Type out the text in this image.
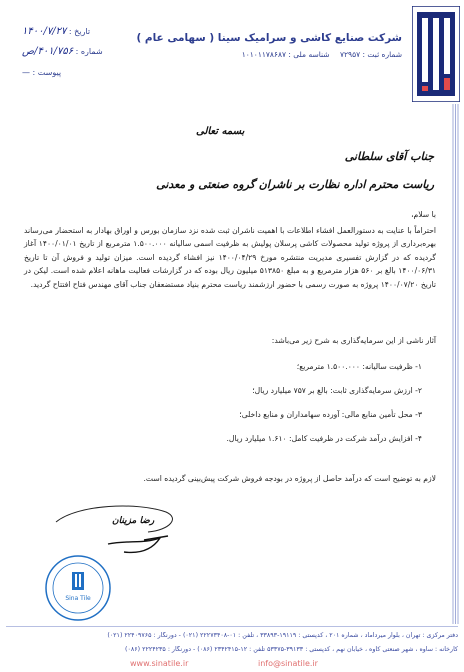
شرکت صنایع کاشی و سرامیک سینا ( سهامی عام )
شماره ثبت : ۷۲۹۵۷ شناسه ملی : ۱۰۱۰۱۱۷۸۶۸۷
تاریخ : ۱۴۰۰/۷/۲۷
شماره : ۴۰۱/۷۵۶/ص
پیوست : —
بسمه تعالی
جناب آقای سلطانی
ریاست محترم اداره نظارت بر ناشران گروه صنعتی و معدنی
با سلام،
احتراماً با عنایت به دستورالعمل افشاء اطلاعات با اهمیت ناشران ثبت شده نزد سازمان بورس و اوراق بهادار به استحضار می‌رساند بهره‌برداری از پروژه تولید محصولات کاشی پرسلان پولیش به ظرفیت اسمی سالیانه ۱.۵۰۰.۰۰۰ مترمربع از تاریخ ۱۴۰۰/۰۱/۰۱ آغاز گردیده که در گزارش تفسیری مدیریت منتشره مورخ ۱۴۰۰/۰۴/۲۹ نیز افشاء گردیده است. میزان تولید و فروش آن تا تاریخ ۱۴۰۰/۰۶/۳۱ بالغ بر ۵۶۰ هزار مترمربع و به مبلغ ۵۱۳۸۵۰ میلیون ریال بوده که در گزارشات فعالیت ماهانه اعلام شده است. لیکن در تاریخ ۱۴۰۰/۰۷/۲۰ پروژه به صورت رسمی با حضور ارزشمند ریاست محترم بنیاد مستضعفان جناب آقای مهندس فتاح افتتاح گردید.
آثار ناشی از این سرمایه‌گذاری به شرح زیر می‌باشد:
۱- ظرفیت سالیانه: ۱.۵۰۰.۰۰۰ مترمربع؛
۲- ارزش سرمایه‌گذاری ثابت: بالغ بر ۷۵۷ میلیارد ریال؛
۳- محل تأمین منابع مالی: آورده سهامداران و منابع داخلی؛
۴- افزایش درآمد شرکت در ظرفیت کامل: ۱.۶۱۰ میلیارد ریال.
لازم به توضیح است که درآمد حاصل از پروژه در بودجه فروش شرکت پیش‌بینی گردیده است.
رضا مزینان
Sina Tile
دفتر مرکزی : تهران ، بلوار میرداماد ، شماره ۲۰۱ ، کدپستی : ۱۹۱۱۹-۳۳۸۹۳ ، تلفن : ۰۱-۲۲۲۷۳۴۰۸ (۰۲۱) - دورنگار : ۲۲۴۰۹۷۶۵ (۰۲۱)
کارخانه : ساوه ، شهر صنعتی کاوه ، خیابان نهم ، کدپستی : ۳۹۱۳۳-۵۳۳۷۵ تلفن : ۱۲-۲۳۴۲۴۱۵ (۰۸۶) - دورنگار : ۲۲۲۴۲۳۵ (۰۸۶)
www.sinatile.ir	info@sinatile.ir
